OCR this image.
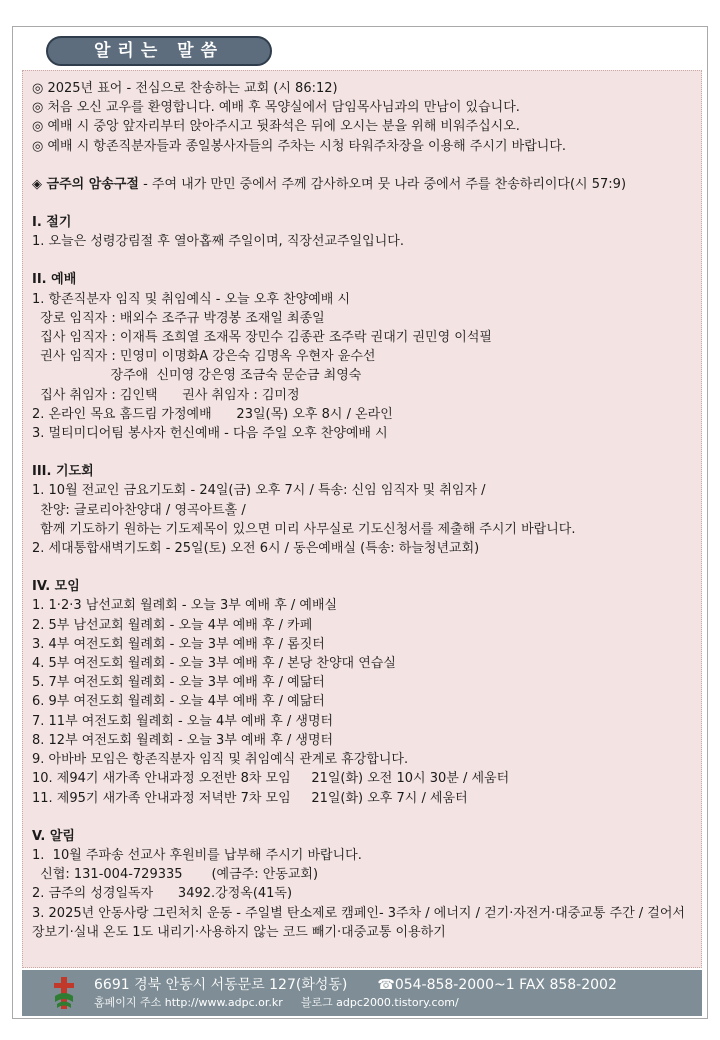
알리는 말씀
◎ 2025년 표어 - 전심으로 찬송하는 교회 (시 86:12)
◎ 처음 오신 교우를 환영합니다. 예배 후 목양실에서 담임목사님과의 만남이 있습니다.
◎ 예배 시 중앙 앞자리부터 앉아주시고 뒷좌석은 뒤에 오시는 분을 위해 비워주십시오.
◎ 예배 시 항존직분자들과 종일봉사자들의 주차는 시청 타워주차장을 이용해 주시기 바랍니다.
◈ 금주의 암송구절 - 주여 내가 만민 중에서 주께 감사하오며 뭇 나라 중에서 주를 찬송하리이다(시 57:9)
I. 절기
1. 오늘은 성령강림절 후 열아홉째 주일이며, 직장선교주일입니다.
II. 예배
1. 항존직분자 임직 및 취임예식 - 오늘 오후 찬양예배 시
장로 임직자 : 배외수 조주규 박경봉 조재일 최종일
집사 임직자 : 이재특 조희열 조재목 장민수 김종관 조주락 권대기 권민영 이석필
권사 임직자 : 민영미 이명화A 강은숙 김명옥 우현자 윤수선
장주애  신미영 강은영 조금숙 문순금 최영숙
집사 취임자 : 김인택      권사 취임자 : 김미정
2. 온라인 목요 홈드림 가정예배      23일(목) 오후 8시 / 온라인
3. 멀티미디어팀 봉사자 헌신예배 - 다음 주일 오후 찬양예배 시
III. 기도회
1. 10월 전교인 금요기도회 - 24일(금) 오후 7시 / 특송: 신임 임직자 및 취임자 /
찬양: 글로리아찬양대 / 영곡아트홀 /
함께 기도하기 원하는 기도제목이 있으면 미리 사무실로 기도신청서를 제출해 주시기 바랍니다.
2. 세대통합새벽기도회 - 25일(토) 오전 6시 / 동은예배실 (특송: 하늘청년교회)
IV. 모임
1. 1·2·3 남선교회 월례회 - 오늘 3부 예배 후 / 예배실
2. 5부 남선교회 월례회 - 오늘 4부 예배 후 / 카페
3. 4부 여전도회 월례회 - 오늘 3부 예배 후 / 롬짓터
4. 5부 여전도회 월례회 - 오늘 3부 예배 후 / 본당 찬양대 연습실
5. 7부 여전도회 월례회 - 오늘 3부 예배 후 / 예닮터
6. 9부 여전도회 월례회 - 오늘 4부 예배 후 / 예닮터
7. 11부 여전도회 월례회 - 오늘 4부 예배 후 / 생명터
8. 12부 여전도회 월례회 - 오늘 3부 예배 후 / 생명터
9. 아바바 모임은 항존직분자 임직 및 취임예식 관계로 휴강합니다.
10. 제94기 새가족 안내과정 오전반 8차 모임     21일(화) 오전 10시 30분 / 세움터
11. 제95기 새가족 안내과정 저녁반 7차 모임     21일(화) 오후 7시 / 세움터
V. 알림
1.  10월 주파송 선교사 후원비를 납부해 주시기 바랍니다.
신협: 131-004-729335       (예금주: 안동교회)
2. 금주의 성경일독자      3492.강정옥(41독)
3. 2025년 안동사랑 그린처치 운동 - 주일별 탄소제로 캠페인- 3주차 / 에너지 / 걷기·자전거·대중교통 주간 / 걸어서 장보기·실내 온도 1도 내리기·사용하지 않는 코드 빼기·대중교통 이용하기
6691 경북 안동시 서동문로 127(화성동) ☎054-858-2000~1 FAX 858-2002
홈페이지 주소 http://www.adpc.or.kr 블로그 adpc2000.tistory.com/
